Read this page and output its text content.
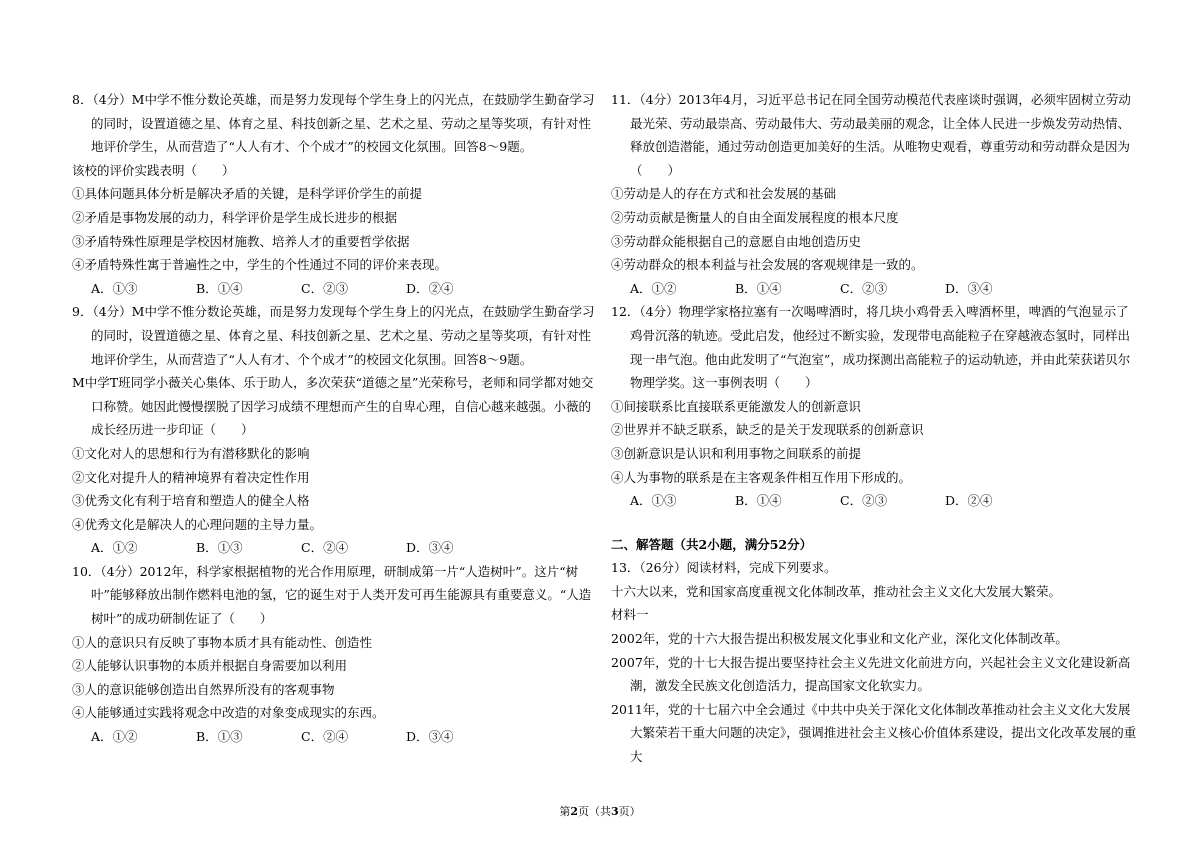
8．（4分）M中学不惟分数论英雄，而是努力发现每个学生身上的闪光点，在鼓励学生勤奋学习的同时，设置道德之星、体育之星、科技创新之星、艺术之星、劳动之星等奖项，有针对性地评价学生，从而营造了“人人有才、个个成才”的校园文化氛围。回答8～9题。

该校的评价实践表明（　　）

①具体问题具体分析是解决矛盾的关键，是科学评价学生的前提

②矛盾是事物发展的动力，科学评价是学生成长进步的根据

③矛盾特殊性原理是学校因材施教、培养人才的重要哲学依据

④矛盾特殊性寓于普遍性之中，学生的个性通过不同的评价来表现。

A．①③	B．①④	C．②③	D．②④

9．（4分）M中学不惟分数论英雄，而是努力发现每个学生身上的闪光点，在鼓励学生勤奋学习的同时，设置道德之星、体育之星、科技创新之星、艺术之星、劳动之星等奖项，有针对性地评价学生，从而营造了“人人有才、个个成才”的校园文化氛围。回答8～9题。

M中学T班同学小薇关心集体、乐于助人，多次荣获“道德之星”光荣称号，老师和同学都对她交口称赞。她因此慢慢摆脱了因学习成绩不理想而产生的自卑心理，自信心越来越强。小薇的成长经历进一步印证（　　）

①文化对人的思想和行为有潜移默化的影响

②文化对提升人的精神境界有着决定性作用

③优秀文化有利于培育和塑造人的健全人格

④优秀文化是解决人的心理问题的主导力量。

A．①②	B．①③	C．②④	D．③④

10．（4分）2012年，科学家根据植物的光合作用原理，研制成第一片“人造树叶”。这片“树叶”能够释放出制作燃料电池的氢，它的诞生对于人类开发可再生能源具有重要意义。“人造树叶”的成功研制佐证了（　　）

①人的意识只有反映了事物本质才具有能动性、创造性

②人能够认识事物的本质并根据自身需要加以利用

③人的意识能够创造出自然界所没有的客观事物

④人能够通过实践将观念中改造的对象变成现实的东西。

A．①②	B．①③	C．②④	D．③④

11．（4分）2013年4月，习近平总书记在同全国劳动模范代表座谈时强调，必须牢固树立劳动最光荣、劳动最崇高、劳动最伟大、劳动最美丽的观念，让全体人民进一步焕发劳动热情、释放创造潜能，通过劳动创造更加美好的生活。从唯物史观看，尊重劳动和劳动群众是因为（　　）

①劳动是人的存在方式和社会发展的基础

②劳动贡献是衡量人的自由全面发展程度的根本尺度

③劳动群众能根据自己的意愿自由地创造历史

④劳动群众的根本利益与社会发展的客观规律是一致的。

A．①②	B．①④	C．②③	D．③④

12．（4分）物理学家格拉塞有一次喝啤酒时，将几块小鸡骨丢入啤酒杯里，啤酒的气泡显示了鸡骨沉落的轨迹。受此启发，他经过不断实验，发现带电高能粒子在穿越液态氢时，同样出现一串气泡。他由此发明了“气泡室”，成功探测出高能粒子的运动轨迹，并由此荣获诺贝尔物理学奖。这一事例表明（　　）

①间接联系比直接联系更能激发人的创新意识

②世界并不缺乏联系，缺乏的是关于发现联系的创新意识

③创新意识是认识和利用事物之间联系的前提

④人为事物的联系是在主客观条件相互作用下形成的。

A．①③	B．①④	C．②③	D．②④

二、解答题（共2小题，满分52分）

13．（26分）阅读材料，完成下列要求。

十六大以来，党和国家高度重视文化体制改革，推动社会主义文化大发展大繁荣。

材料一

2002年，党的十六大报告提出积极发展文化事业和文化产业，深化文化体制改革。

2007年，党的十七大报告提出要坚持社会主义先进文化前进方向，兴起社会主义文化建设新高潮，激发全民族文化创造活力，提高国家文化软实力。

2011年，党的十七届六中全会通过《中共中央关于深化文化体制改革推动社会主义文化大发展大繁荣若干重大问题的决定》，强调推进社会主义核心价值体系建设，提出文化改革发展的重大

第2页（共3页）
